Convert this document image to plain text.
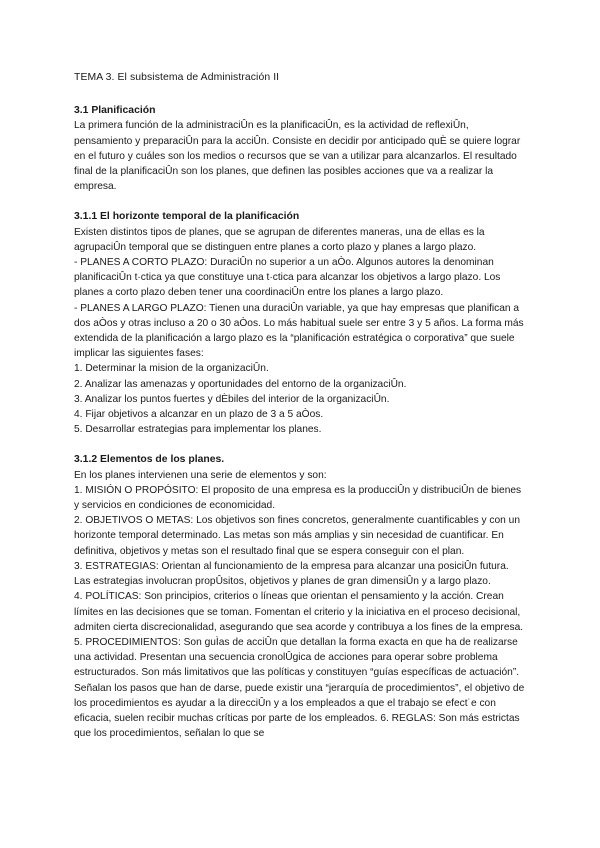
TEMA 3. El subsistema de Administración II

3.1 Planificación

La primera función de la administraciÛn es la planificaciÛn, es la actividad de reflexiÛn, pensamiento y preparaciÛn para la acciÛn. Consiste en decidir por anticipado quÈ se quiere lograr en el futuro y cuáles son los medios o recursos que se van a utilizar para alcanzarlos. El resultado final de la planificaciÛn son los planes, que definen las posibles acciones que va a realizar la empresa.

3.1.1 El horizonte temporal de la planificación

Existen distintos tipos de planes, que se agrupan de diferentes maneras, una de ellas es la agrupaciÛn temporal que se distinguen entre planes a corto plazo y planes a largo plazo.

- PLANES A CORTO PLAZO: DuraciÛn no superior a un aÒo. Algunos autores la denominan planificaciÛn t·ctica ya que constituye una t·ctica para alcanzar los objetivos a largo plazo. Los planes a corto plazo deben tener una coordinaciÛn entre los planes a largo plazo.

- PLANES A LARGO PLAZO: Tienen una duraciÛn variable, ya que hay empresas que planifican a dos aÒos y otras incluso a 20 o 30 aÒos. Lo más habitual suele ser entre 3 y 5 años. La forma más extendida de la planificación a largo plazo es la “planificación estratégica o corporativa” que suele implicar las siguientes fases:

1. Determinar la mision de la organizaciÛn.

2. Analizar las amenazas y oportunidades del entorno de la organizaciÛn.

3. Analizar los puntos fuertes y dÈbiles del interior de la organizaciÛn.

4. Fijar objetivos a alcanzar en un plazo de 3 a 5 aÒos.

5. Desarrollar estrategias para implementar los planes.

3.1.2 Elementos de los planes.

En los planes intervienen una serie de elementos y son:

1. MISIÓN O PROPÓSITO: El proposito de una empresa es la producciÛn y distribuciÛn de bienes y servicios en condiciones de economicidad.

2. OBJETIVOS O METAS: Los objetivos son fines concretos, generalmente cuantificables y con un horizonte temporal determinado. Las metas son más amplias y sin necesidad de cuantificar. En definitiva, objetivos y metas son el resultado final que se espera conseguir con el plan.

3. ESTRATEGIAS: Orientan al funcionamiento de la empresa para alcanzar una posiciÛn futura. Las estrategias involucran propÛsitos, objetivos y planes de gran dimensiÛn y a largo plazo.

4. POLÍTICAS: Son principios, criterios o líneas que orientan el pensamiento y la acción. Crean límites en las decisiones que se toman. Fomentan el criterio y la iniciativa en el proceso decisional, admiten cierta discrecionalidad, asegurando que sea acorde y contribuya a los fines de la empresa.

5. PROCEDIMIENTOS: Son guÌas de acciÛn que detallan la forma exacta en que ha de realizarse una actividad. Presentan una secuencia cronolÛgica de acciones para operar sobre problema estructurados. Son más limitativos que las políticas y constituyen “guías específicas de actuación”. Señalan los pasos que han de darse, puede existir una “jerarquía de procedimientos”, el objetivo de los procedimientos es ayudar a la direcciÛn y a los empleados a que el trabajo se efect˙e con eficacia, suelen recibir muchas críticas por parte de los empleados. 6. REGLAS: Son más estrictas que los procedimientos, señalan lo que se
